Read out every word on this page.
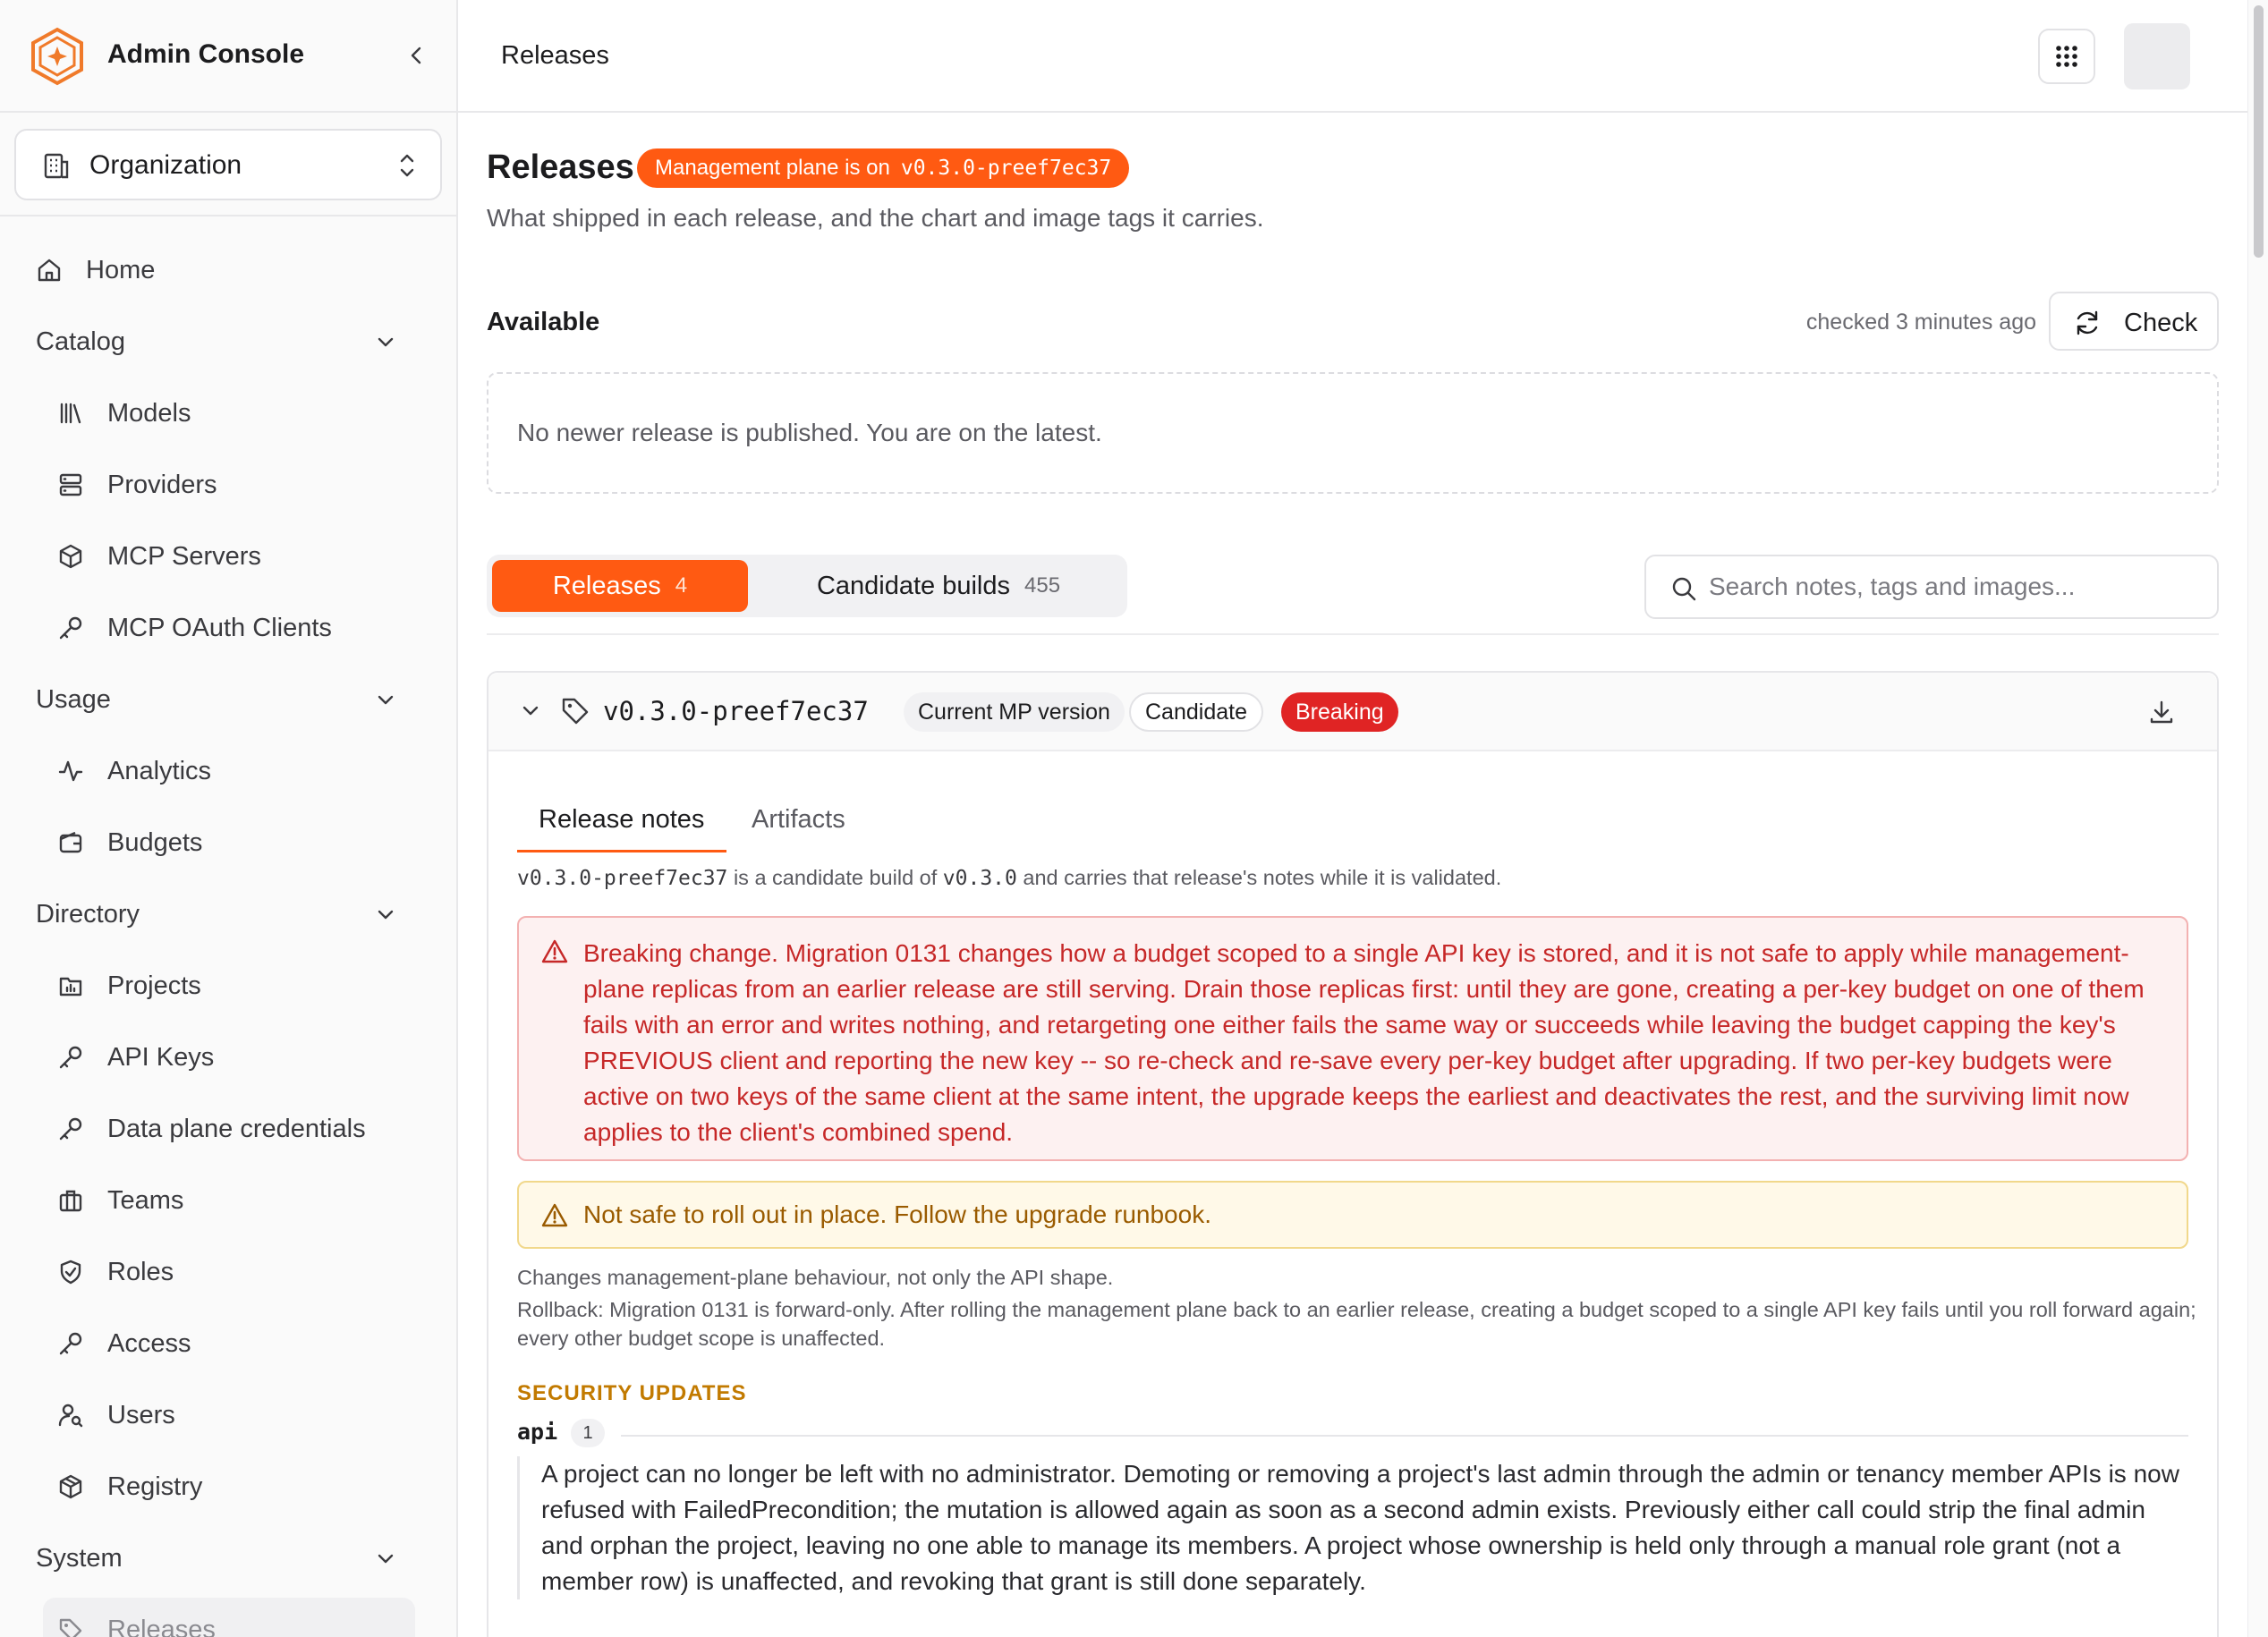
Admin Console
Organization
Home
Catalog
Models
Providers
MCP Servers
MCP OAuth Clients
Usage
Analytics
Budgets
Directory
Projects
API Keys
Data plane credentials
Teams
Roles
Access
Users
Registry
System
Releases
Releases
Releases Management plane is on v0.3.0-preef7ec37

What shipped in each release, and the chart and image tags it carries.

Available	checked 3 minutes ago	Check
No newer release is published. You are on the latest.
Releases 4	Candidate builds 455
Search notes, tags and images...
v0.3.0-preef7ec37	Current MP version	Candidate	Breaking
Release notes Artifacts
v0.3.0-preef7ec37 is a candidate build of v0.3.0 and carries that release's notes while it is validated.
Breaking change. Migration 0131 changes how a budget scoped to a single API key is stored, and it is not safe to apply while management-plane replicas from an earlier release are still serving. Drain those replicas first: until they are gone, creating a per-key budget on one of them fails with an error and writes nothing, and retargeting one either fails the same way or succeeds while leaving the budget capping the key's PREVIOUS client and reporting the new key -- so re-check and re-save every per-key budget after upgrading. If two per-key budgets were active on two keys of the same client at the same intent, the upgrade keeps the earliest and deactivates the rest, and the surviving limit now applies to the client's combined spend.
Not safe to roll out in place. Follow the upgrade runbook.
Changes management-plane behaviour, not only the API shape.
Rollback: Migration 0131 is forward-only. After rolling the management plane back to an earlier release, creating a budget scoped to a single API key fails until you roll forward again; every other budget scope is unaffected.
SECURITY UPDATES
api	1
A project can no longer be left with no administrator. Demoting or removing a project's last admin through the admin or tenancy member APIs is now refused with FailedPrecondition; the mutation is allowed again as soon as a second admin exists. Previously either call could strip the final admin and orphan the project, leaving no one able to manage its members. A project whose ownership is held only through a manual role grant (not a member row) is unaffected, and revoking that grant is still done separately.
